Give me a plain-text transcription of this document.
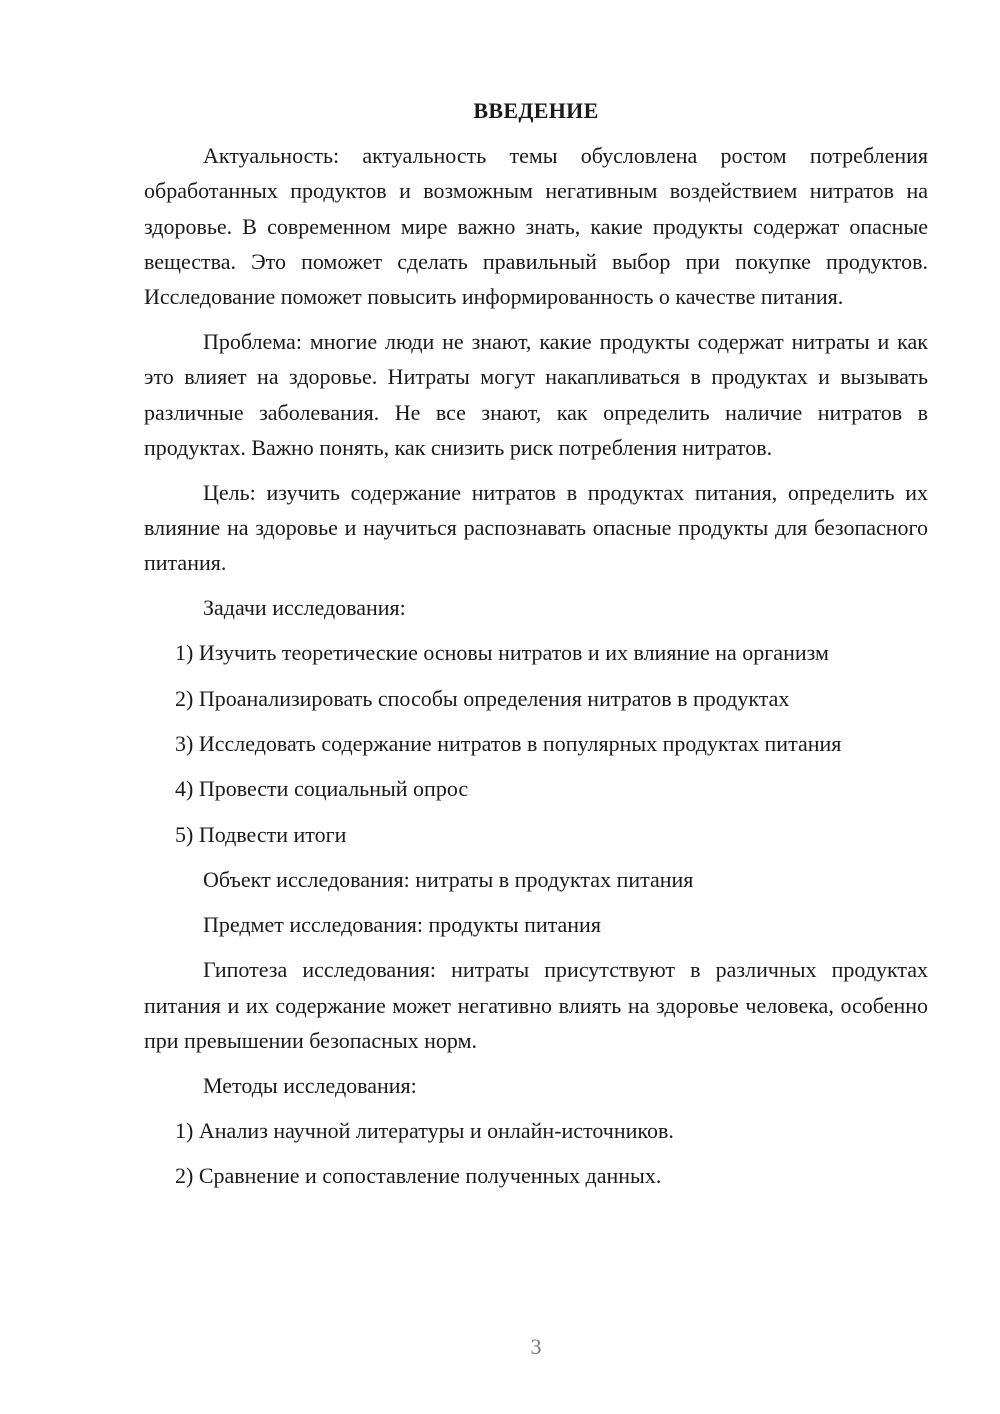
ВВЕДЕНИЕ

Актуальность: актуальность темы обусловлена ростом потребления обработанных продуктов и возможным негативным воздействием нитратов на здоровье. В современном мире важно знать, какие продукты содержат опасные вещества. Это поможет сделать правильный выбор при покупке продуктов. Исследование поможет повысить информированность о качестве питания.

Проблема: многие люди не знают, какие продукты содержат нитраты и как это влияет на здоровье. Нитраты могут накапливаться в продуктах и вызывать различные заболевания. Не все знают, как определить наличие нитратов в продуктах. Важно понять, как снизить риск потребления нитратов.

Цель: изучить содержание нитратов в продуктах питания, определить их влияние на здоровье и научиться распознавать опасные продукты для безопасного питания.

Задачи исследования:

1) Изучить теоретические основы нитратов и их влияние на организм

2) Проанализировать способы определения нитратов в продуктах

3) Исследовать содержание нитратов в популярных продуктах питания

4) Провести социальный опрос

5) Подвести итоги

Объект исследования: нитраты в продуктах питания

Предмет исследования: продукты питания

Гипотеза исследования: нитраты присутствуют в различных продуктах питания и их содержание может негативно влиять на здоровье человека, особенно при превышении безопасных норм.

Методы исследования:

1) Анализ научной литературы и онлайн-источников.

2) Сравнение и сопоставление полученных данных.

3
